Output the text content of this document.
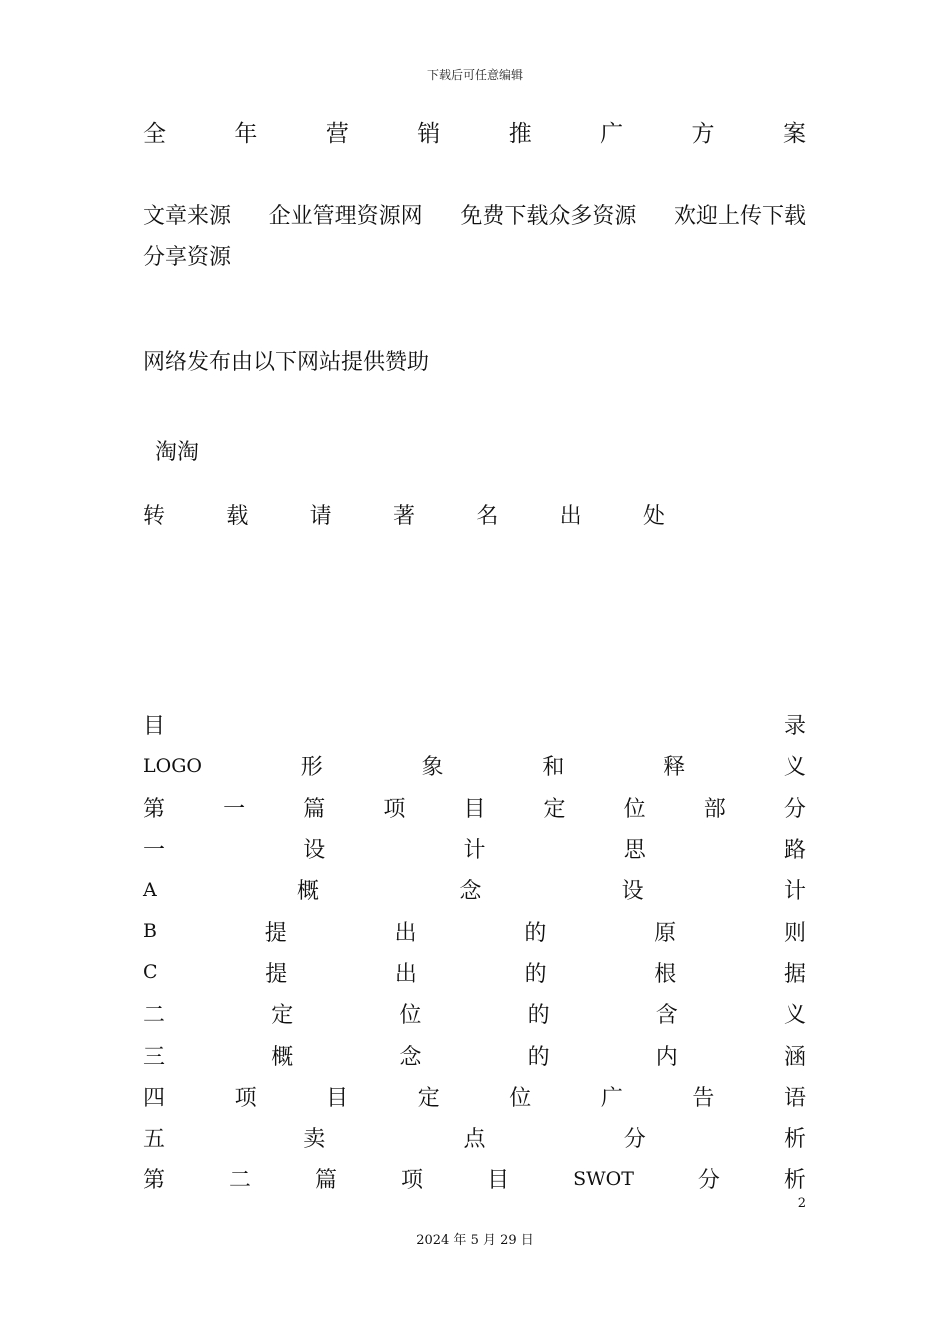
下载后可任意编辑
全	年	营	销	推	广	方	案
文章来源 企业管理资源网 免费下载众多资源 欢迎上传下载
分享资源
网络发布由以下网站提供赞助
淘淘
转	载	请	著	名	出	处
目	录
LOGO	形	象	和	释	义
第	一	篇	项	目	定	位	部	分
一	设	计	思	路
A	概	念	设	计
B	提	出	的	原	则
C	提	出	的	根	据
二	定	位	的	含	义
三	概	念	的	内	涵
四	项	目	定	位	广	告	语
五	卖	点	分	析
第	二	篇	项	目	SWOT	分	析
2
2024 年 5 月 29 日
